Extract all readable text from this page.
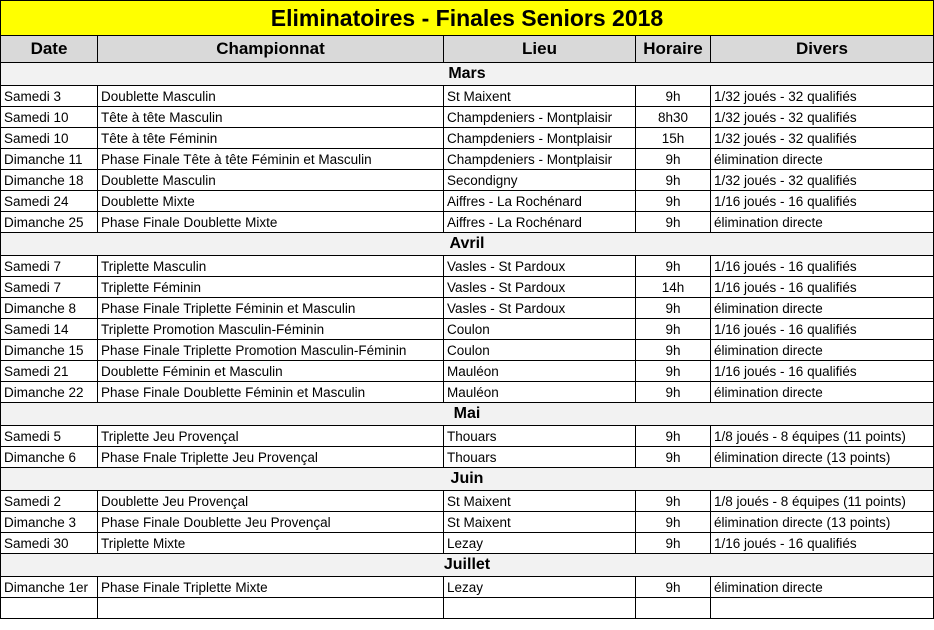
Eliminatoires - Finales Seniors 2018				
Date	Championnat	Lieu	Horaire	Divers
Mars				
Samedi 3	Doublette Masculin	St Maixent	9h	1/32 joués - 32 qualifiés
Samedi 10	Tête à tête Masculin	Champdeniers - Montplaisir	8h30	1/32 joués - 32 qualifiés
Samedi 10	Tête à tête Féminin	Champdeniers - Montplaisir	15h	1/32 joués - 32 qualifiés
Dimanche 11	Phase Finale Tête à tête Féminin et Masculin	Champdeniers - Montplaisir	9h	élimination directe
Dimanche 18	Doublette Masculin	Secondigny	9h	1/32 joués - 32 qualifiés
Samedi 24	Doublette Mixte	Aiffres - La Rochénard	9h	1/16 joués - 16 qualifiés
Dimanche 25	Phase Finale Doublette Mixte	Aiffres - La Rochénard	9h	élimination directe
Avril				
Samedi 7	Triplette Masculin	Vasles - St Pardoux	9h	1/16 joués - 16 qualifiés
Samedi 7	Triplette Féminin	Vasles - St Pardoux	14h	1/16 joués - 16 qualifiés
Dimanche 8	Phase Finale Triplette Féminin et Masculin	Vasles - St Pardoux	9h	élimination directe
Samedi 14	Triplette Promotion Masculin-Féminin	Coulon	9h	1/16 joués - 16 qualifiés
Dimanche 15	Phase Finale Triplette Promotion Masculin-Féminin	Coulon	9h	élimination directe
Samedi 21	Doublette Féminin et Masculin	Mauléon	9h	1/16 joués - 16 qualifiés
Dimanche 22	Phase Finale Doublette Féminin et Masculin	Mauléon	9h	élimination directe
Mai				
Samedi 5	Triplette Jeu Provençal	Thouars	9h	1/8 joués - 8 équipes (11 points)
Dimanche 6	Phase Fnale Triplette Jeu Provençal	Thouars	9h	élimination directe (13 points)
Juin				
Samedi 2	Doublette Jeu Provençal	St Maixent	9h	1/8 joués - 8 équipes (11 points)
Dimanche 3	Phase Finale Doublette Jeu Provençal	St Maixent	9h	élimination directe (13 points)
Samedi 30	Triplette Mixte	Lezay	9h	1/16 joués - 16 qualifiés
Juillet				
Dimanche 1er	Phase Finale Triplette Mixte	Lezay	9h	élimination directe
